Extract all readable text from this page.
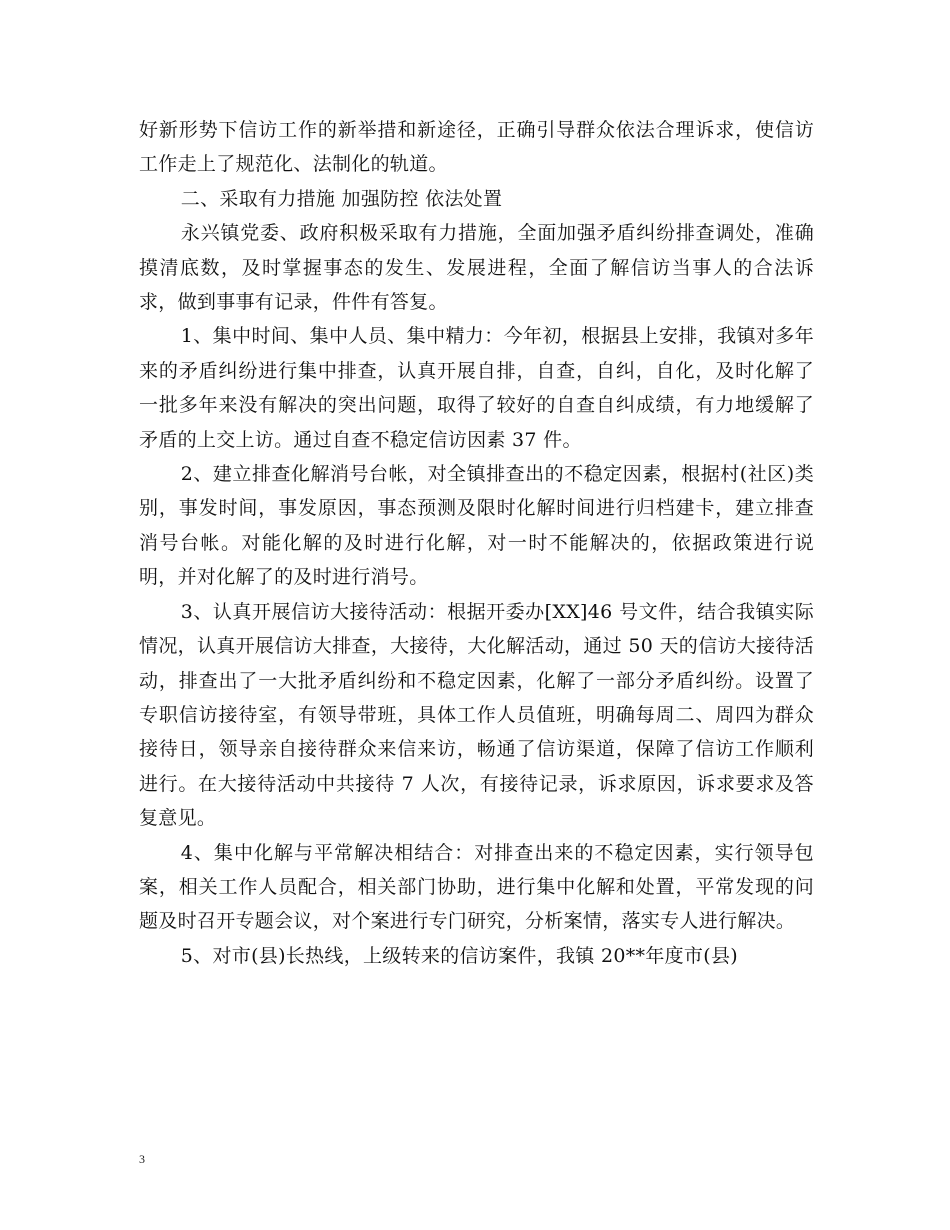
好新形势下信访工作的新举措和新途径，正确引导群众依法合理诉求，使信访工作走上了规范化、法制化的轨道。

二、采取有力措施 加强防控 依法处置

永兴镇党委、政府积极采取有力措施，全面加强矛盾纠纷排查调处，准确摸清底数，及时掌握事态的发生、发展进程，全面了解信访当事人的合法诉求，做到事事有记录，件件有答复。

1、集中时间、集中人员、集中精力：今年初，根据县上安排，我镇对多年来的矛盾纠纷进行集中排查，认真开展自排，自查，自纠，自化，及时化解了一批多年来没有解决的突出问题，取得了较好的自查自纠成绩，有力地缓解了矛盾的上交上访。通过自查不稳定信访因素 37 件。

2、建立排查化解消号台帐，对全镇排查出的不稳定因素，根据村(社区)类别，事发时间，事发原因，事态预测及限时化解时间进行归档建卡，建立排查消号台帐。对能化解的及时进行化解，对一时不能解决的，依据政策进行说明，并对化解了的及时进行消号。

3、认真开展信访大接待活动：根据开委办[XX]46 号文件，结合我镇实际情况，认真开展信访大排查，大接待，大化解活动，通过 50 天的信访大接待活动，排查出了一大批矛盾纠纷和不稳定因素，化解了一部分矛盾纠纷。设置了专职信访接待室，有领导带班，具体工作人员值班，明确每周二、周四为群众接待日，领导亲自接待群众来信来访，畅通了信访渠道，保障了信访工作顺利进行。在大接待活动中共接待 7 人次，有接待记录，诉求原因，诉求要求及答复意见。

4、集中化解与平常解决相结合：对排查出来的不稳定因素，实行领导包案，相关工作人员配合，相关部门协助，进行集中化解和处置，平常发现的问题及时召开专题会议，对个案进行专门研究，分析案情，落实专人进行解决。

5、对市(县)长热线，上级转来的信访案件，我镇 20**年度市(县)

3
